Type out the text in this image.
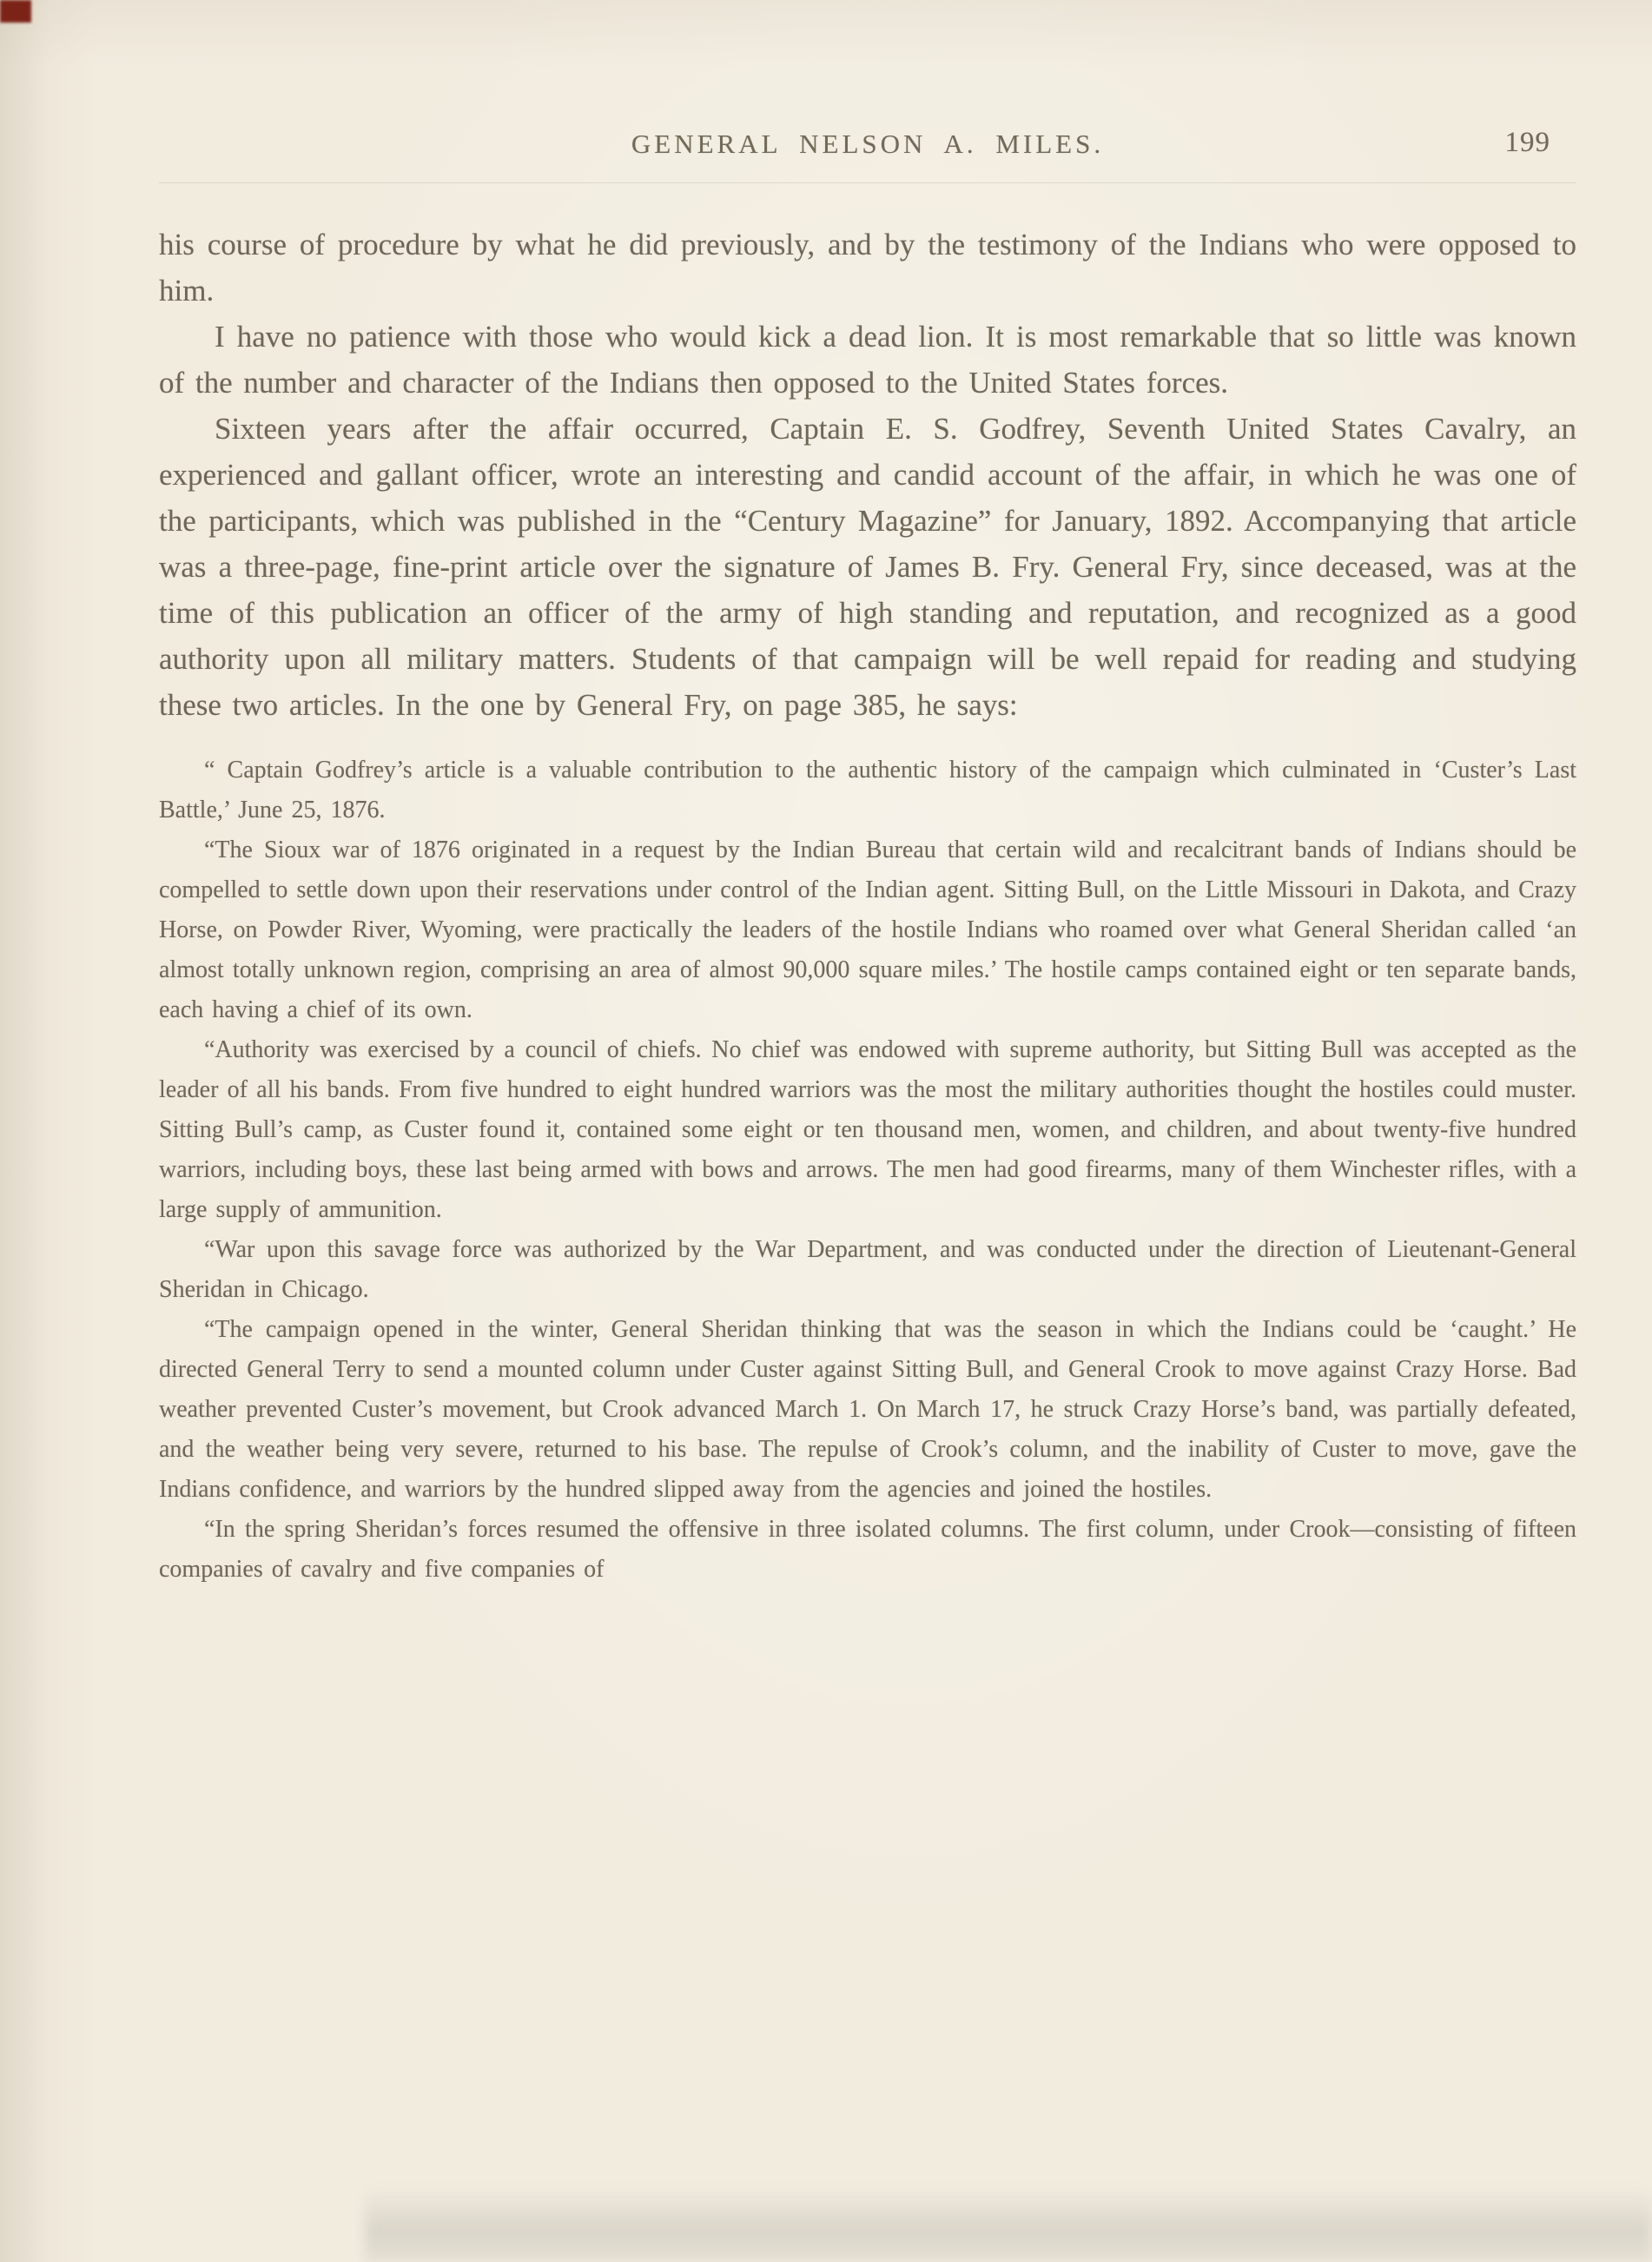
GENERAL NELSON A. MILES.	199

his course of procedure by what he did previously, and by the testimony of the Indians who were opposed to him.

I have no patience with those who would kick a dead lion. It is most remarkable that so little was known of the number and character of the Indians then opposed to the United States forces.

Sixteen years after the affair occurred, Captain E. S. Godfrey, Seventh United States Cavalry, an experienced and gallant officer, wrote an interesting and candid account of the affair, in which he was one of the participants, which was published in the “Century Magazine” for January, 1892. Accompanying that article was a three-page, fine-print article over the signature of James B. Fry. General Fry, since deceased, was at the time of this publication an officer of the army of high standing and reputation, and recognized as a good authority upon all military matters. Students of that campaign will be well repaid for reading and studying these two articles. In the one by General Fry, on page 385, he says:

“ Captain Godfrey’s article is a valuable contribution to the authentic history of the campaign which culminated in ‘Custer’s Last Battle,’ June 25, 1876.

“The Sioux war of 1876 originated in a request by the Indian Bureau that certain wild and recalcitrant bands of Indians should be compelled to settle down upon their reservations under control of the Indian agent. Sitting Bull, on the Little Missouri in Dakota, and Crazy Horse, on Powder River, Wyoming, were practically the leaders of the hostile Indians who roamed over what General Sheridan called ‘an almost totally unknown region, comprising an area of almost 90,000 square miles.’ The hostile camps contained eight or ten separate bands, each having a chief of its own.

“Authority was exercised by a council of chiefs. No chief was endowed with supreme authority, but Sitting Bull was accepted as the leader of all his bands. From five hundred to eight hundred warriors was the most the military authorities thought the hostiles could muster. Sitting Bull’s camp, as Custer found it, contained some eight or ten thousand men, women, and children, and about twenty-five hundred warriors, including boys, these last being armed with bows and arrows. The men had good firearms, many of them Winchester rifles, with a large supply of ammunition.

“War upon this savage force was authorized by the War Department, and was conducted under the direction of Lieutenant-General Sheridan in Chicago.

“The campaign opened in the winter, General Sheridan thinking that was the season in which the Indians could be ‘caught.’ He directed General Terry to send a mounted column under Custer against Sitting Bull, and General Crook to move against Crazy Horse. Bad weather prevented Custer’s movement, but Crook advanced March 1. On March 17, he struck Crazy Horse’s band, was partially defeated, and the weather being very severe, returned to his base. The repulse of Crook’s column, and the inability of Custer to move, gave the Indians confidence, and warriors by the hundred slipped away from the agencies and joined the hostiles.

“In the spring Sheridan’s forces resumed the offensive in three isolated columns. The first column, under Crook—consisting of fifteen companies of cavalry and five companies of
